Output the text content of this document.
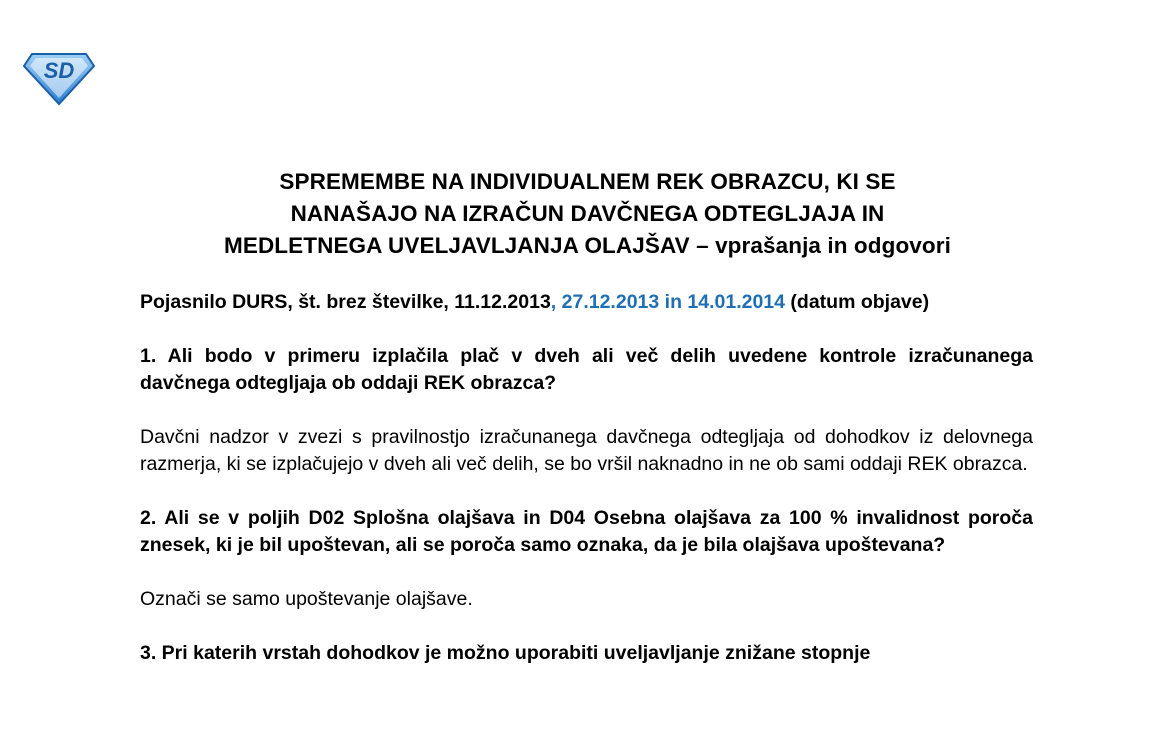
SD
SPREMEMBE NA INDIVIDUALNEM REK OBRAZCU, KI SE
NANAŠAJO NA IZRAČUN DAVČNEGA ODTEGLJAJA IN
MEDLETNEGA UVELJAVLJANJA OLAJŠAV – vprašanja in odgovori

Pojasnilo DURS, št. brez številke, 11.12.2013, 27.12.2013 in 14.01.2014 (datum objave)

1. Ali bodo v primeru izplačila plač v dveh ali več delih uvedene kontrole izračunanega davčnega odtegljaja ob oddaji REK obrazca?

Davčni nadzor v zvezi s pravilnostjo izračunanega davčnega odtegljaja od dohodkov iz delovnega razmerja, ki se izplačujejo v dveh ali več delih, se bo vršil naknadno in ne ob sami oddaji REK obrazca.

2. Ali se v poljih D02 Splošna olajšava in D04 Osebna olajšava za 100 % invalidnost poroča znesek, ki je bil upoštevan, ali se poroča samo oznaka, da je bila olajšava upoštevana?

Označi se samo upoštevanje olajšave.

3. Pri katerih vrstah dohodkov je možno uporabiti uveljavljanje znižane stopnje
